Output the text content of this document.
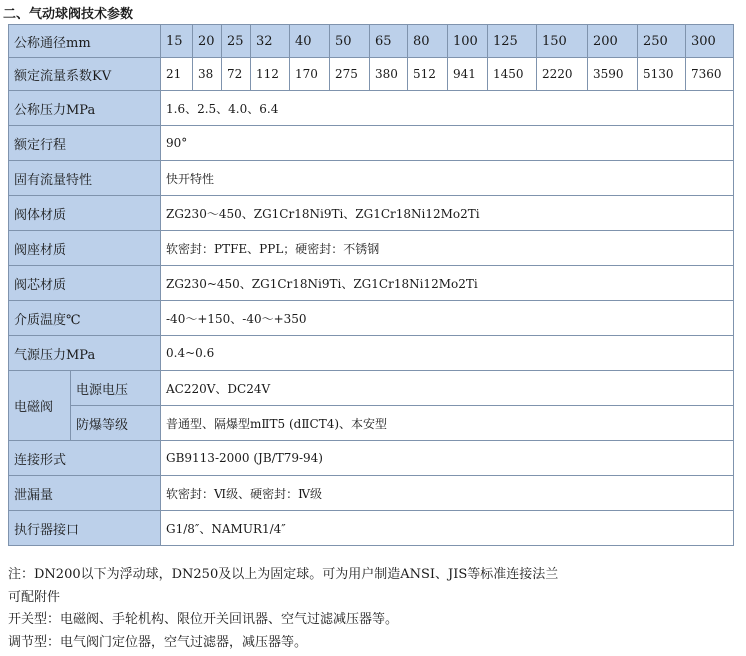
二、气动球阀技术参数
公称通径mm		15	20	25	32	40	50	65	80	100	125	150	200	250	300
额定流量系数KV		21	38	72	112	170	275	380	512	941	1450	2220	3590	5130	7360
公称压力MPa		1.6、2.5、4.0、6.4													
额定行程		90°													
固有流量特性		快开特性													
阀体材质		ZG230～450、ZG1Cr18Ni9Ti、ZG1Cr18Ni12Mo2Ti													
阀座材质		软密封：PTFE、PPL；硬密封：不锈钢													
阀芯材质		ZG230~450、ZG1Cr18Ni9Ti、ZG1Cr18Ni12Mo2Ti													
介质温度℃		-40～+150、-40～+350													
气源压力MPa		0.4~0.6													
电磁阀	电源电压	AC220V、DC24V													
	防爆等级	普通型、隔爆型mⅡT5 (dⅡCT4)、本安型													
连接形式		GB9113-2000 (JB/T79-94)													
泄漏量		软密封：Ⅵ级、硬密封：Ⅳ级													
执行器接口		G1/8″、NAMUR1/4″													
注：DN200以下为浮动球，DN250及以上为固定球。可为用户制造ANSI、JIS等标准连接法兰
可配附件
开关型：电磁阀、手轮机构、限位开关回讯器、空气过滤减压器等。
调节型：电气阀门定位器，空气过滤器，减压器等。
